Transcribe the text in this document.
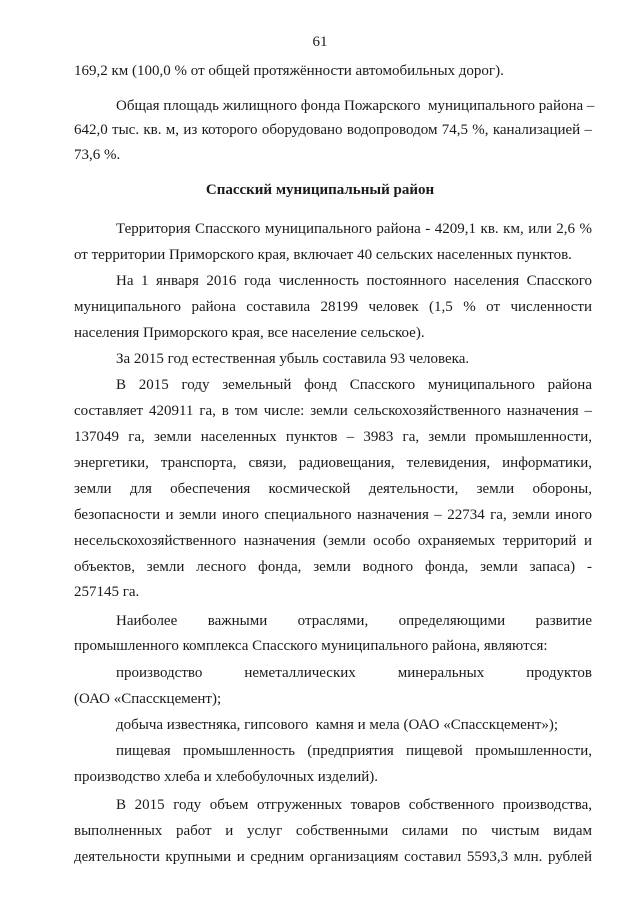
61
169,2 км (100,0 % от общей протяжённости автомобильных дорог).
Общая площадь жилищного фонда Пожарского  муниципального района –
642,0 тыс. кв. м, из которого оборудовано водопроводом 74,5 %, канализацией –
73,6 %.
Спасский муниципальный район
Территория Спасского муниципального района - 4209,1 кв. км, или 2,6 %
от территории Приморского края, включает 40 сельских населенных пунктов.
На 1 января 2016 года численность постоянного населения Спасского
муниципального района составила 28199 человек (1,5 % от численности
населения Приморского края, все население сельское).
За 2015 год естественная убыль составила 93 человека.
В 2015 году земельный фонд Спасского муниципального района
составляет 420911 га, в том числе: земли сельскохозяйственного назначения –
137049 га, земли населенных пунктов – 3983 га, земли промышленности,
энергетики, транспорта, связи, радиовещания, телевидения, информатики,
земли для обеспечения космической деятельности, земли обороны,
безопасности и земли иного специального назначения – 22734 га, земли иного
несельскохозяйственного назначения (земли особо охраняемых территорий и
объектов, земли лесного фонда, земли водного фонда, земли запаса) -
257145 га.
Наиболее важными отраслями, определяющими развитие
промышленного комплекса Спасского муниципального района, являются:
производство неметаллических минеральных продуктов
(ОАО «Спасскцемент);
добыча известняка, гипсового  камня и мела (ОАО «Спасскцемент»);
пищевая промышленность (предприятия пищевой промышленности,
производство хлеба и хлебобулочных изделий).
В 2015 году объем отгруженных товаров собственного производства,
выполненных работ и услуг собственными силами по чистым видам
деятельности крупными и средним организациям составил 5593,3 млн. рублей
